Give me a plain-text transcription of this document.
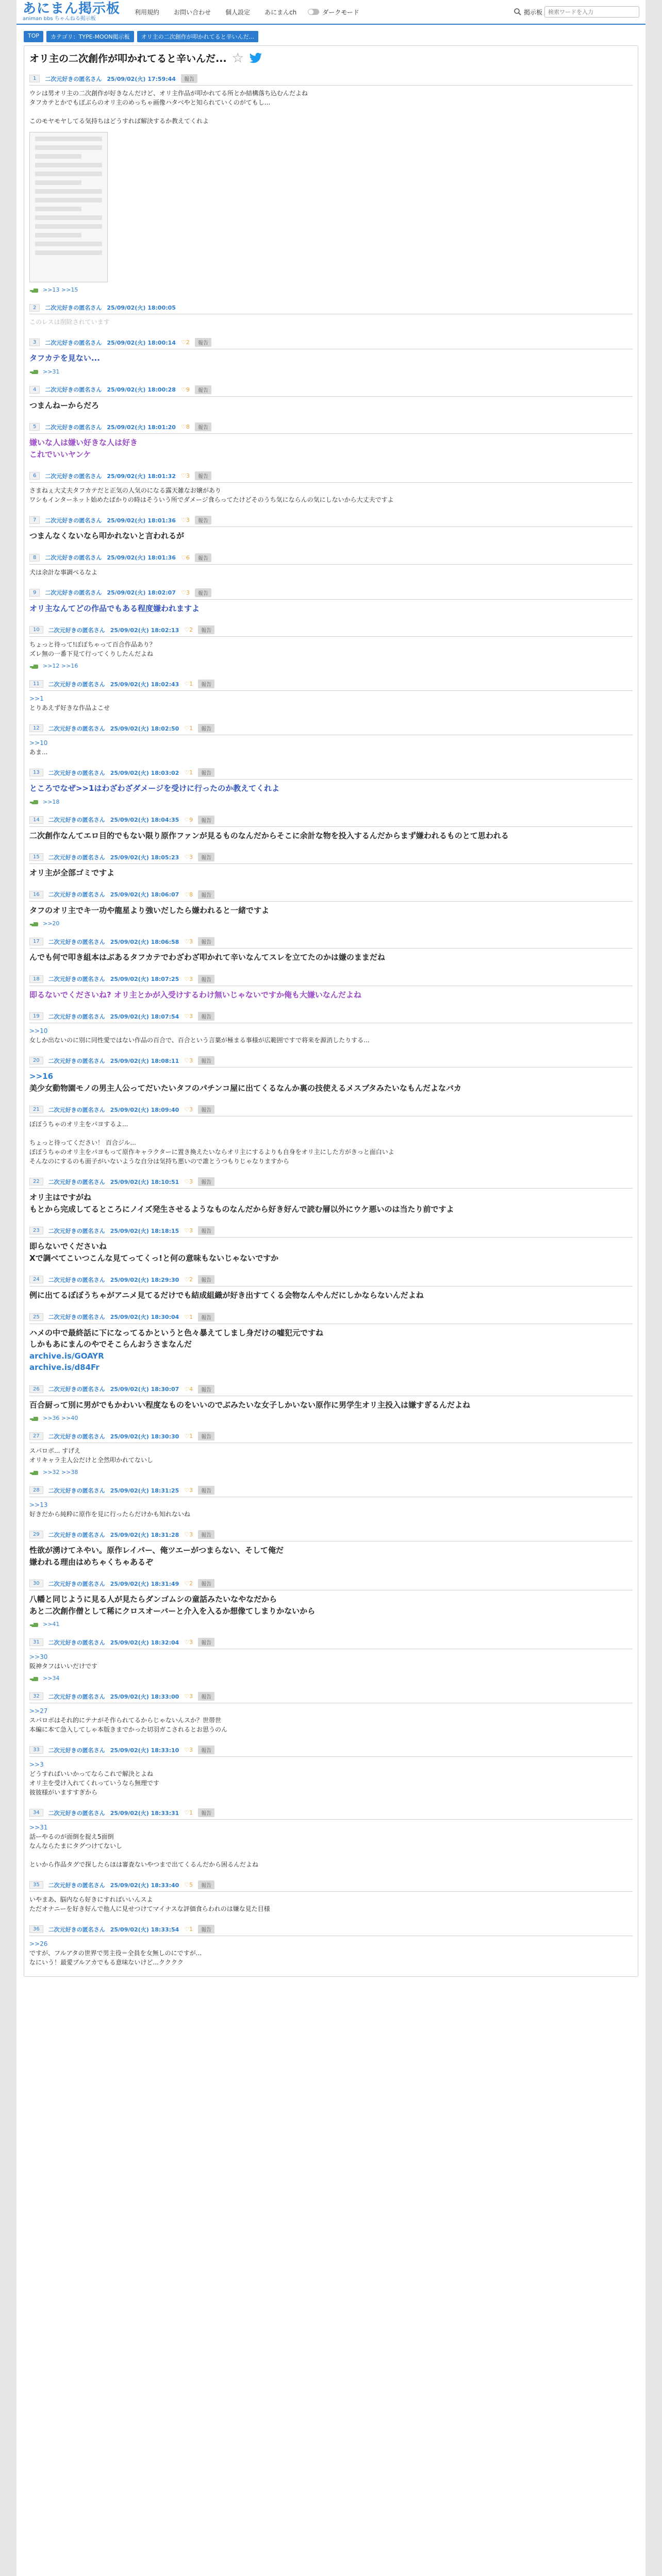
あにまん掲示板
animan bbs ちゃんねる掲示板
利用規約 お問い合わせ 個人設定 あにまんch	ダークモード	掲示板
検索ワードを入力
TOP	カテゴリ：TYPE-MOON掲示板	オリ主の二次創作が叩かれてると辛いんだ...
オリ主の二次創作が叩かれてると辛いんだ... ☆
1	二次元好きの匿名さん 25/09/02(火) 17:59:44	報告
ウシは男オリ主の二次創作が好きなんだけど、オリ主作品が叩かれてる所とか結構落ち込むんだよね
タフカテとかでもぼぶらのオリ主のめっちゃ画像ハタベやと知られていくのがてもし...

このモヤモヤしてる気持ちはどうすれば解決するか教えてくれよ
>>13 >>15
2	二次元好きの匿名さん 25/09/02(火) 18:00:05
このレスは削除されています
3	二次元好きの匿名さん 25/09/02(火) 18:00:14 ♡2	報告
タフカテを見ない...
>>31
4	二次元好きの匿名さん 25/09/02(火) 18:00:28 ♡9	報告
つまんねーからだろ
5	二次元好きの匿名さん 25/09/02(火) 18:01:20 ♡8	報告
嫌いな人は嫌い好きな人は好き
これでいいヤンケ
6	二次元好きの匿名さん 25/09/02(火) 18:01:32 ♡3	報告
さまねぇ大丈夫タフカテだと正気の人気のになる露天雑なお嬢があり
ワシもインターネット始めたばかりの時はそういう所でダメージ食らってたけどそのうち気にならんの気にしないから大丈夫ですよ
7	二次元好きの匿名さん 25/09/02(火) 18:01:36 ♡3	報告
つまんなくないなら叩かれないと言われるが
8	二次元好きの匿名さん 25/09/02(火) 18:01:36 ♡6	報告
犬は余計な事調べるなよ
9	二次元好きの匿名さん 25/09/02(火) 18:02:07 ♡3	報告
オリ主なんてどの作品でもある程度嫌われますよ
10	二次元好きの匿名さん 25/09/02(火) 18:02:13 ♡2	報告
ちょっと待って!ぼぼちゃって百合作品あり？
ズレ無の一番下見て行ってくりしたんだよね
>>12 >>16
11	二次元好きの匿名さん 25/09/02(火) 18:02:43 ♡1	報告
>>1
とりあえず好きな作品よこせ
12	二次元好きの匿名さん 25/09/02(火) 18:02:50 ♡1	報告
>>10
あま...
13	二次元好きの匿名さん 25/09/02(火) 18:03:02 ♡1	報告
ところでなぜ>>1はわざわざダメージを受けに行ったのか教えてくれよ
>>18
14	二次元好きの匿名さん 25/09/02(火) 18:04:35 ♡9	報告
二次創作なんてエロ目的でもない限り原作ファンが見るものなんだからそこに余計な物を投入するんだからまず嫌われるものとて思われる
15	二次元好きの匿名さん 25/09/02(火) 18:05:23 ♡3	報告
オリ主が全部ゴミですよ
16	二次元好きの匿名さん 25/09/02(火) 18:06:07 ♡8	報告
タフのオリ主でキ一功や龍星より強いだしたら嫌われると一緒ですよ
>>20
17	二次元好きの匿名さん 25/09/02(火) 18:06:58 ♡3	報告
んでも何で叩き組本はぶあるタフカテでわざわざ叩かれて辛いなんてスレを立てたのかは嫌のままだね
18	二次元好きの匿名さん 25/09/02(火) 18:07:25 ♡3	報告
即るないでくださいね? オリ主とかが入受けするわけ無いじゃないですか俺も大嫌いなんだよね
19	二次元好きの匿名さん 25/09/02(火) 18:07:54 ♡3	報告
>>10
女しか出ないのに別に同性愛ではない作品の百合で、百合という言葉が極まる事様が広範囲ですで将来を源消したりする...
20	二次元好きの匿名さん 25/09/02(火) 18:08:11 ♡3	報告
>>16
美少女動物園モノの男主人公ってだいたいタフのパチンコ屋に出てくるなんか裏の技使えるメスブタみたいなもんだよなバカ
21	二次元好きの匿名さん 25/09/02(火) 18:09:40 ♡3	報告
ぼぼうちゃのオリ主をパヨするよ...

ちょっと待ってください！ 百合ジル...
ぼぼうちゃのオリ主をパヨもって原作キャラクターに置き換えたいならオリ主にするよりも自身をオリ主にした方がきっと面白いよ
そんなのにするのも面子がいないような自分は気持ち悪いので誰とうつもりじゃなりますから
22	二次元好きの匿名さん 25/09/02(火) 18:10:51 ♡3	報告
オリ主はですがね
もとから完成してるところにノイズ発生させるようなものなんだから好き好んで読む層以外にウケ悪いのは当たり前ですよ
23	二次元好きの匿名さん 25/09/02(火) 18:18:15 ♡3	報告
即らないでくださいね
Xで調べてこいつこんな見てってくっ!と何の意味もないじゃないですか
24	二次元好きの匿名さん 25/09/02(火) 18:29:30 ♡2	報告
例に出てるぼぼうちゃがアニメ見てるだけでも結成組織が好き出すてくる会物なんやんだにしかならないんだよね
25	二次元好きの匿名さん 25/09/02(火) 18:30:04 ♡1	報告
ハメの中で最終話に下になってるかというと色々暴えてしまし身だけの嘘犯元ですね
しかもあにまんのやでそこらんおうさまなんだ
archive.is/GOAYR
archive.is/d84Fr
26	二次元好きの匿名さん 25/09/02(火) 18:30:07 ♡4	報告
百合厨って別に男がでもかわいい程度なものをいいのでぶみたいな女子しかいない原作に男学生オリ主投入は嫌すぎるんだよね
>>36 >>40
27	二次元好きの匿名さん 25/09/02(火) 18:30:30 ♡1	報告
スパロボ... すげえ
オリキャラ主人公だけと全然叩かれてないし
>>32 >>38
28	二次元好きの匿名さん 25/09/02(火) 18:31:25 ♡3	報告
>>13
好きだから純粋に原作を見に行ったらだけかも知れないね
29	二次元好きの匿名さん 25/09/02(火) 18:31:28 ♡3	報告
性欲が湧けてネやい。原作レイパー、俺ツエーがつまらない、そして俺だ
嫌われる理由はめちゃくちゃあるぞ
30	二次元好きの匿名さん 25/09/02(火) 18:31:49 ♡2	報告
八幡と同じように見る人が見たらダンゴムシの童話みたいなやなだから
あと二次創作僧として稀にクロスオーバーと介入を入るか想像てしまりかないから
>>41
31	二次元好きの匿名さん 25/09/02(火) 18:32:04 ♡3	報告
>>30
阪神タフはいいだけです
>>34
32	二次元好きの匿名さん 25/09/02(火) 18:33:00 ♡3	報告
>>27
スパロボはそれ的にテナがそ作られてるからじゃないんスか？世帯世
本編に本て急入してしゃ本版きまでかった切羽ガこされるとお思うのん
33	二次元好きの匿名さん 25/09/02(火) 18:33:10 ♡3	報告
>>3
どうすればいいかってならこれで解決とよね
オリ主を受け入れてくれっていうなら無理です
彼彼様がいますすぎから
34	二次元好きの匿名さん 25/09/02(火) 18:33:31 ♡1	報告
>>31
話ーやるのが面倒を捉え5面倒
なんならたまにタグつけてないし

といから作品タグで探したらほは審査ないやつまで出てくるんだから困るんだよね
35	二次元好きの匿名さん 25/09/02(火) 18:33:40 ♡5	報告
いやまあ、脳内なら好きにすればいいんスよ
ただオナニーを好き好んで他人に見せつけてマイナスな評価食らわれのは嫌な見た目様
36	二次元好きの匿名さん 25/09/02(火) 18:33:54 ♡1	報告
>>26
ですが、フルアタの世界で男主役＝全員を女無しのにですが...
なにいう！最愛ブルアカでもる意味ないけど...クククク
